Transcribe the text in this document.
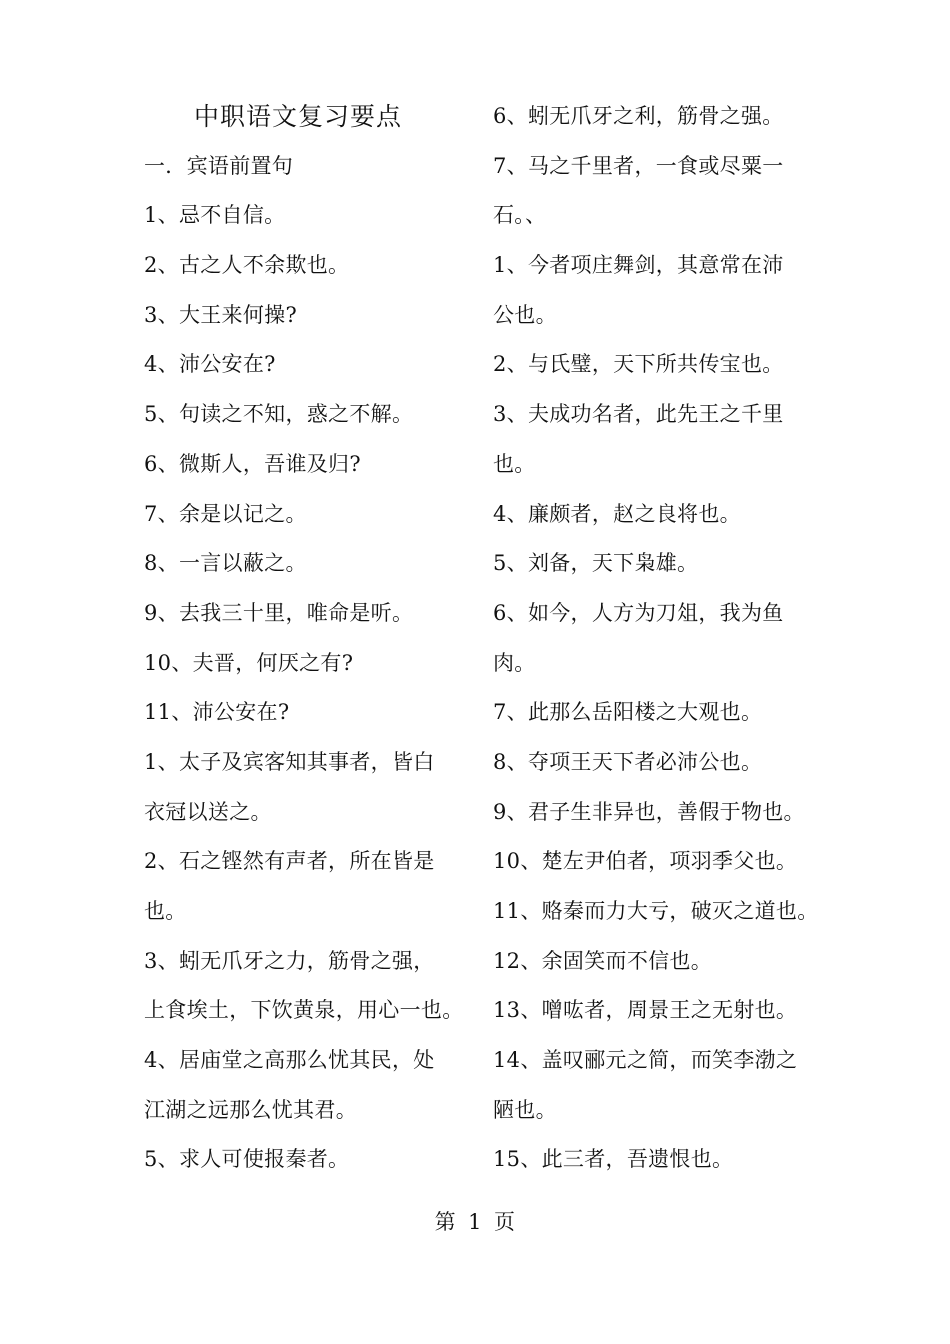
中职语文复习要点
一．宾语前置句
1、忌不自信。
2、古之人不余欺也。
3、大王来何操?
4、沛公安在?
5、句读之不知，惑之不解。
6、微斯人，吾谁及归?
7、余是以记之。
8、一言以蔽之。
9、去我三十里，唯命是听。
10、夫晋，何厌之有?
11、沛公安在?
1、太子及宾客知其事者，皆白
衣冠以送之。
2、石之铿然有声者，所在皆是
也。
3、蚓无爪牙之力，筋骨之强，
上食埃土，下饮黄泉，用心一也。
4、居庙堂之高那么忧其民，处
江湖之远那么忧其君。
5、求人可使报秦者。
6、蚓无爪牙之利，筋骨之强。
7、马之千里者，一食或尽粟一
石。、
1、今者项庄舞剑，其意常在沛
公也。
2、与氏璧，天下所共传宝也。
3、夫成功名者，此先王之千里
也。
4、廉颇者，赵之良将也。
5、刘备，天下枭雄。
6、如今，人方为刀俎，我为鱼
肉。
7、此那么岳阳楼之大观也。
8、夺项王天下者必沛公也。
9、君子生非异也，善假于物也。
10、楚左尹伯者，项羽季父也。
11、赂秦而力大亏，破灭之道也。
12、余固笑而不信也。
13、噌吰者，周景王之无射也。
14、盖叹郦元之简，而笑李渤之
陋也。
15、此三者，吾遗恨也。
第 1 页
